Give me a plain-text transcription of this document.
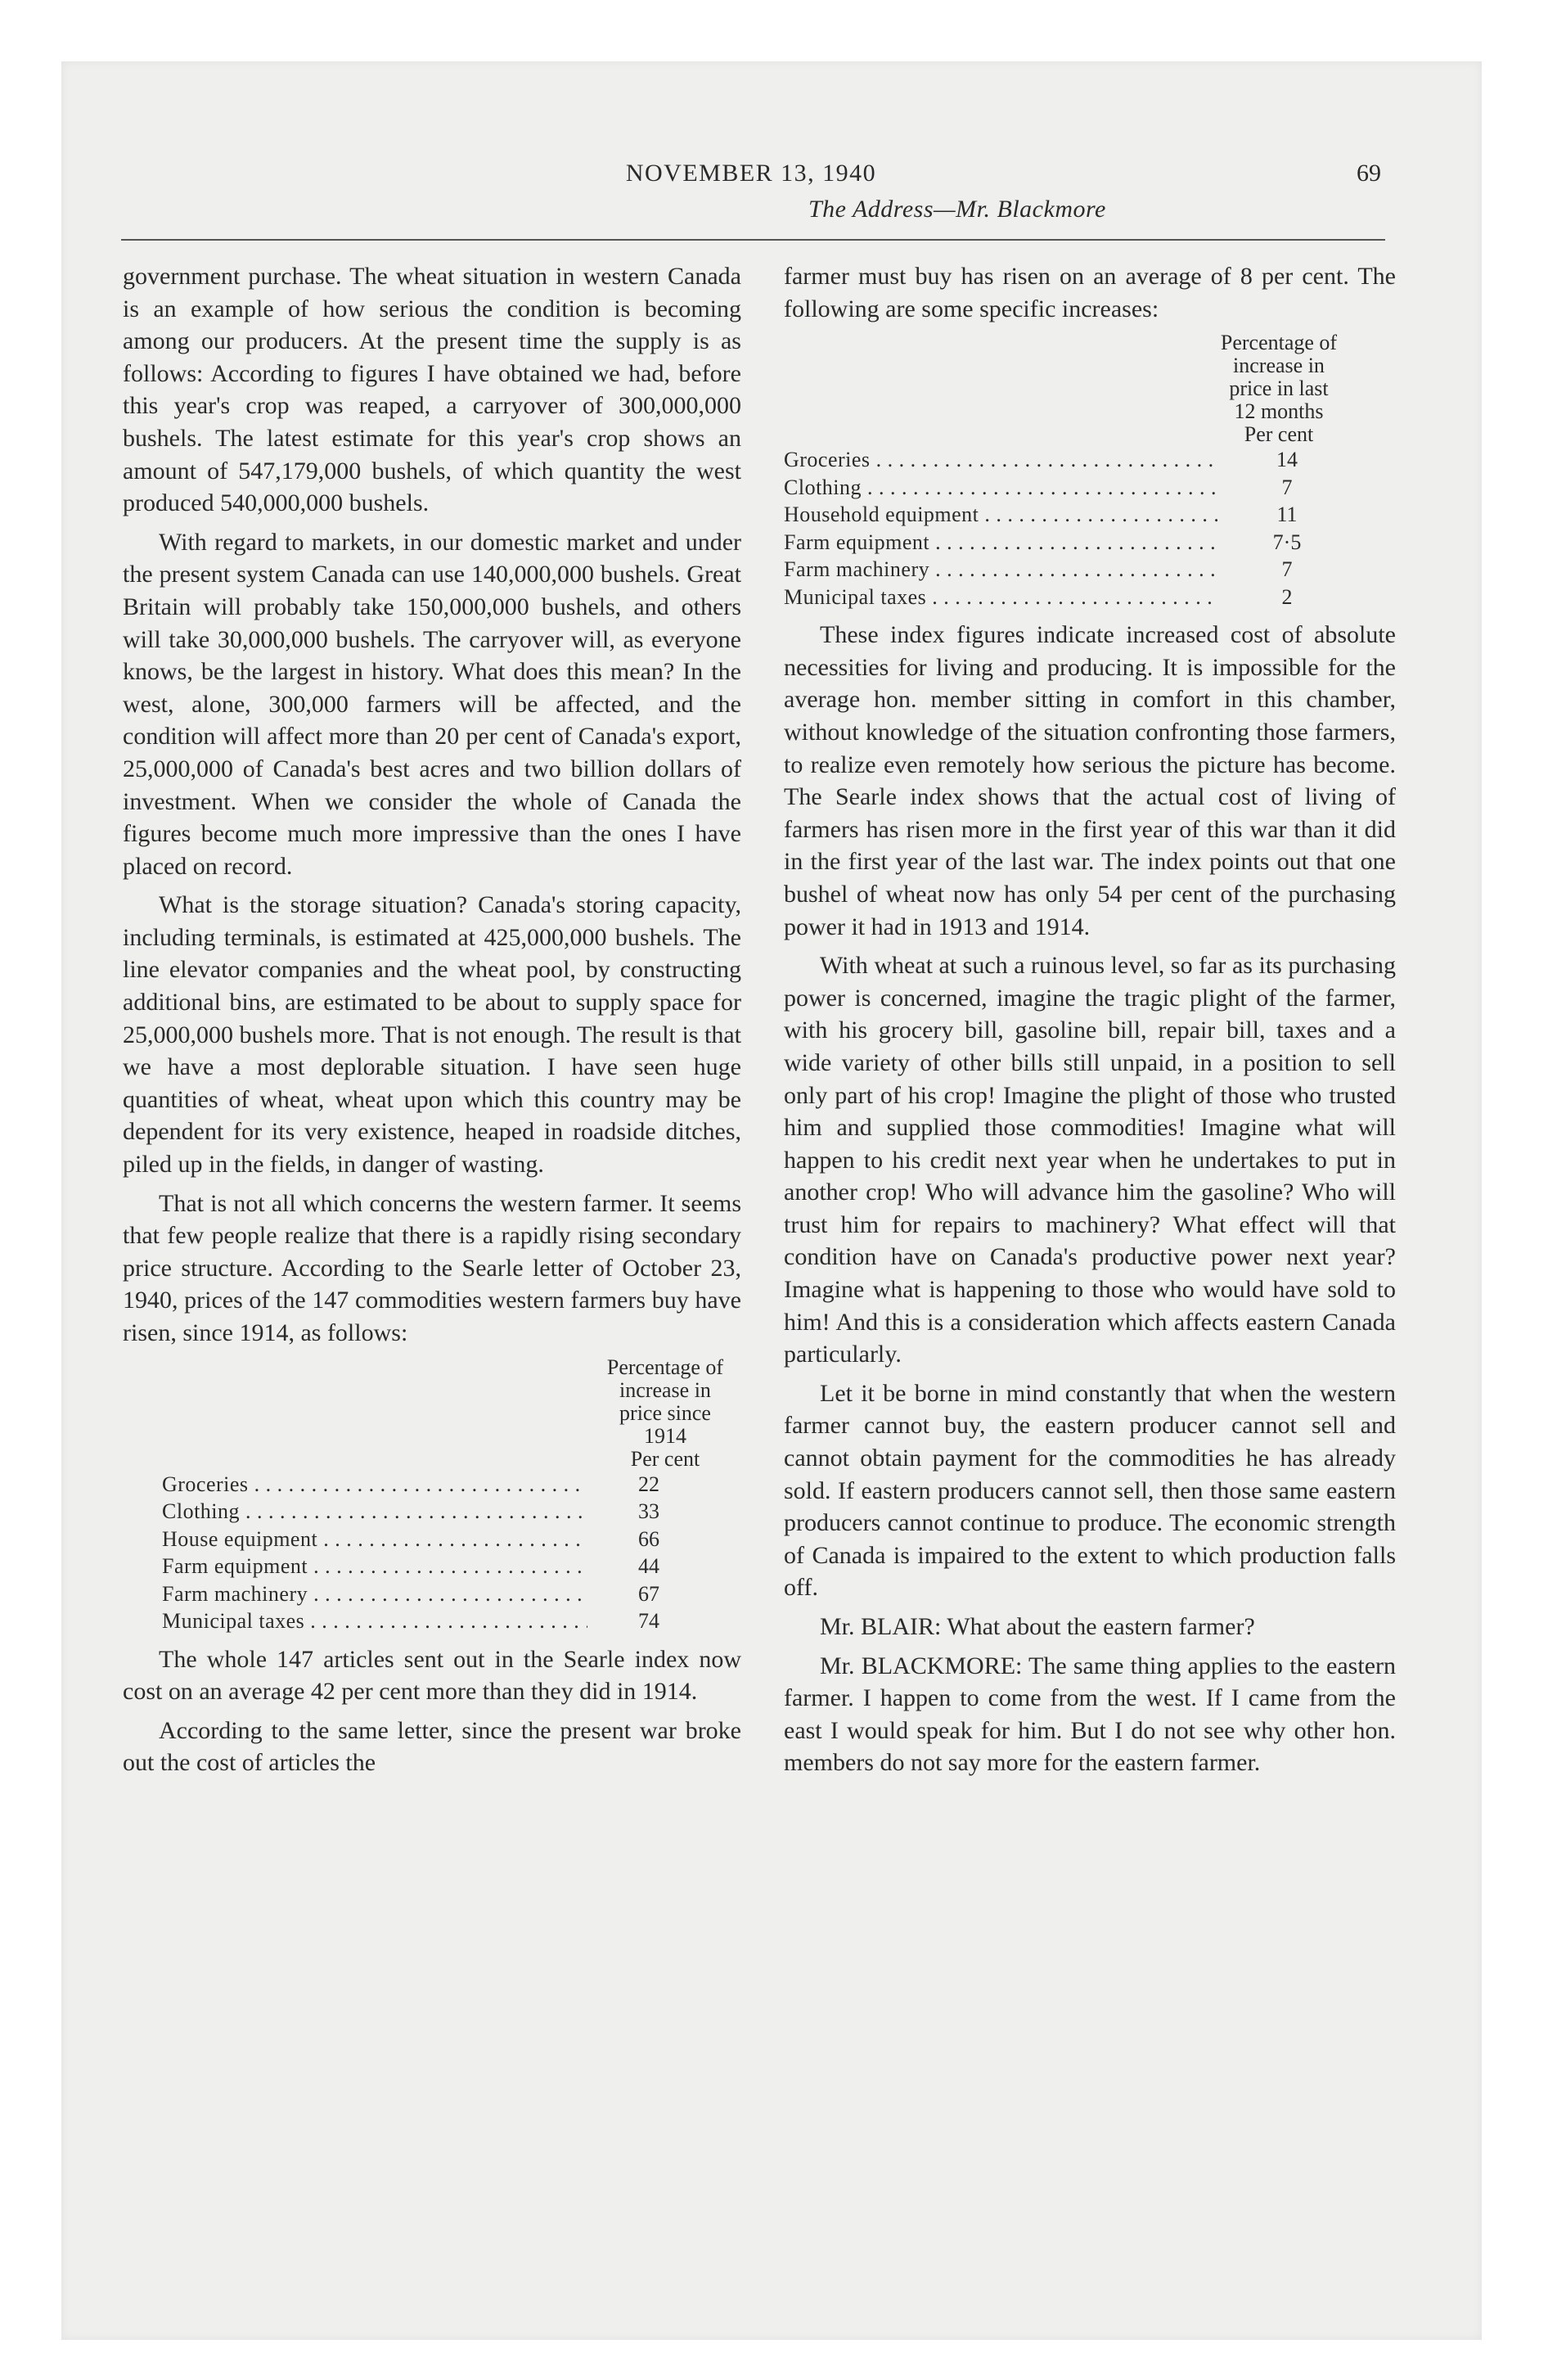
NOVEMBER 13, 1940	69
The Address—Mr. Blackmore

government purchase. The wheat situation in western Canada is an example of how serious the condition is becoming among our producers. At the present time the supply is as follows: According to figures I have obtained we had, before this year's crop was reaped, a carryover of 300,000,000 bushels. The latest estimate for this year's crop shows an amount of 547,179,000 bushels, of which quantity the west produced 540,000,000 bushels.

With regard to markets, in our domestic market and under the present system Canada can use 140,000,000 bushels. Great Britain will probably take 150,000,000 bushels, and others will take 30,000,000 bushels. The carryover will, as everyone knows, be the largest in history. What does this mean? In the west, alone, 300,000 farmers will be affected, and the condition will affect more than 20 per cent of Canada's export, 25,000,000 of Canada's best acres and two billion dollars of investment. When we consider the whole of Canada the figures become much more impressive than the ones I have placed on record.

What is the storage situation? Canada's storing capacity, including terminals, is estimated at 425,000,000 bushels. The line elevator companies and the wheat pool, by constructing additional bins, are estimated to be about to supply space for 25,000,000 bushels more. That is not enough. The result is that we have a most deplorable situation. I have seen huge quantities of wheat, wheat upon which this country may be dependent for its very existence, heaped in roadside ditches, piled up in the fields, in danger of wasting.

That is not all which concerns the western farmer. It seems that few people realize that there is a rapidly rising secondary price structure. According to the Searle letter of October 23, 1940, prices of the 147 commodities western farmers buy have risen, since 1914, as follows:

Percentage of
increase in
price since
1914
Per cent
Groceries . . .	22
Clothing . . .	33
House equipment . . .	66
Farm equipment . . .	44
Farm machinery . . .	67
Municipal taxes . . .	74

The whole 147 articles sent out in the Searle index now cost on an average 42 per cent more than they did in 1914.

According to the same letter, since the present war broke out the cost of articles the

farmer must buy has risen on an average of 8 per cent. The following are some specific increases:

Percentage of
increase in
price in last
12 months
Per cent
Groceries . . .	14
Clothing . . .	7
Household equipment . . .	11
Farm equipment . . .	7·5
Farm machinery . . .	7
Municipal taxes . . .	2

These index figures indicate increased cost of absolute necessities for living and producing. It is impossible for the average hon. member sitting in comfort in this chamber, without knowledge of the situation confronting those farmers, to realize even remotely how serious the picture has become. The Searle index shows that the actual cost of living of farmers has risen more in the first year of this war than it did in the first year of the last war. The index points out that one bushel of wheat now has only 54 per cent of the purchasing power it had in 1913 and 1914.

With wheat at such a ruinous level, so far as its purchasing power is concerned, imagine the tragic plight of the farmer, with his grocery bill, gasoline bill, repair bill, taxes and a wide variety of other bills still unpaid, in a position to sell only part of his crop! Imagine the plight of those who trusted him and supplied those commodities! Imagine what will happen to his credit next year when he undertakes to put in another crop! Who will advance him the gasoline? Who will trust him for repairs to machinery? What effect will that condition have on Canada's productive power next year? Imagine what is happening to those who would have sold to him! And this is a consideration which affects eastern Canada particularly.

Let it be borne in mind constantly that when the western farmer cannot buy, the eastern producer cannot sell and cannot obtain payment for the commodities he has already sold. If eastern producers cannot sell, then those same eastern producers cannot continue to produce. The economic strength of Canada is impaired to the extent to which production falls off.

Mr. BLAIR: What about the eastern farmer?

Mr. BLACKMORE: The same thing applies to the eastern farmer. I happen to come from the west. If I came from the east I would speak for him. But I do not see why other hon. members do not say more for the eastern farmer.
